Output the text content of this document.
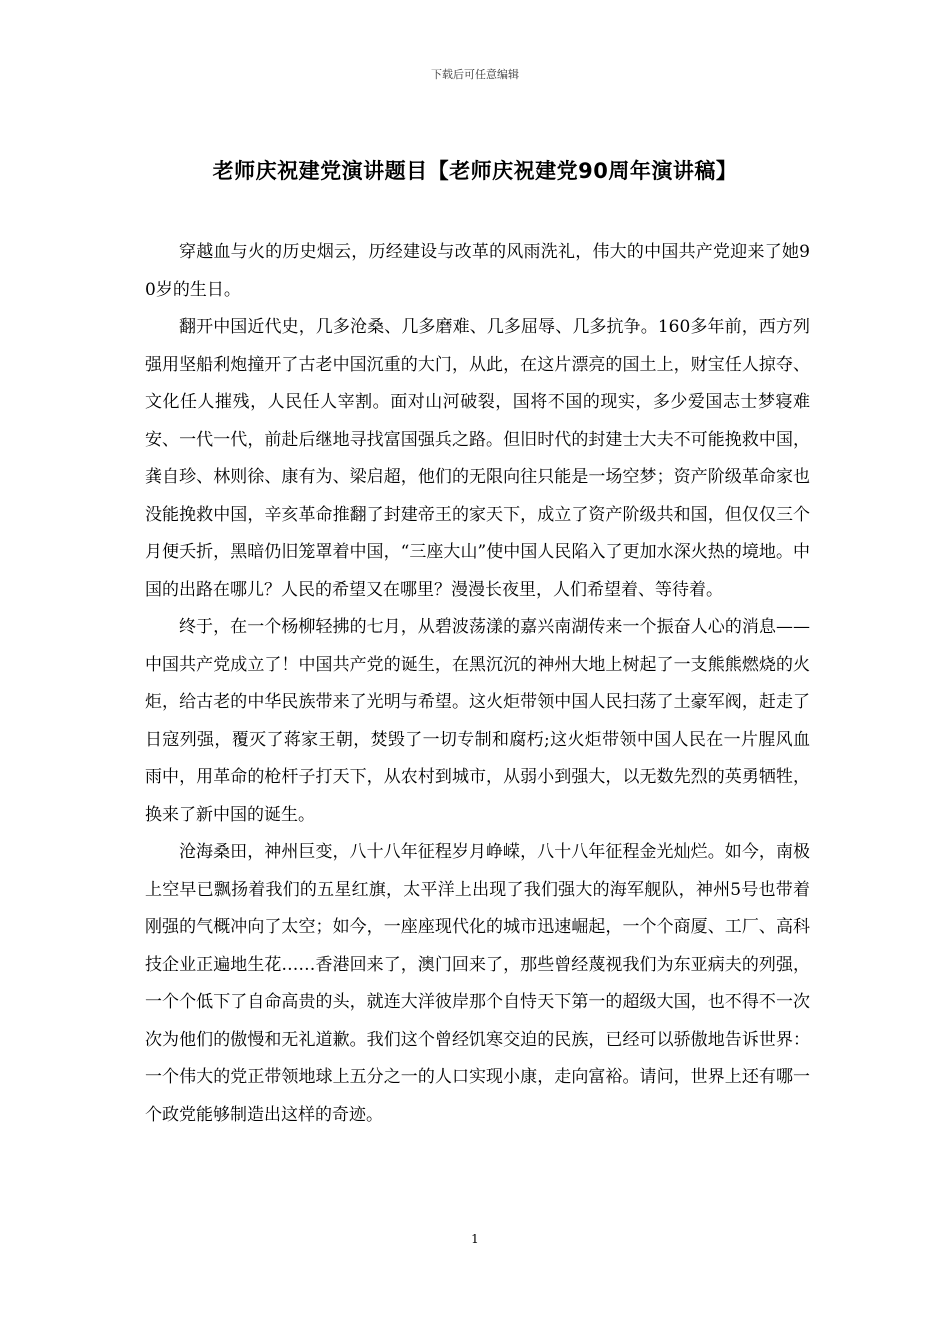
下载后可任意编辑
老师庆祝建党演讲题目【老师庆祝建党90周年演讲稿】

穿越血与火的历史烟云，历经建设与改革的风雨洗礼，伟大的中国共产党迎来了她90岁的生日。

翻开中国近代史，几多沧桑、几多磨难、几多屈辱、几多抗争。160多年前，西方列强用坚船利炮撞开了古老中国沉重的大门，从此，在这片漂亮的国土上，财宝任人掠夺、文化任人摧残，人民任人宰割。面对山河破裂，国将不国的现实，多少爱国志士梦寝难安、一代一代，前赴后继地寻找富国强兵之路。但旧时代的封建士大夫不可能挽救中国，龚自珍、林则徐、康有为、梁启超，他们的无限向往只能是一场空梦；资产阶级革命家也没能挽救中国，辛亥革命推翻了封建帝王的家天下，成立了资产阶级共和国，但仅仅三个月便夭折，黑暗仍旧笼罩着中国，“三座大山”使中国人民陷入了更加水深火热的境地。中国的出路在哪儿？人民的希望又在哪里？漫漫长夜里，人们希望着、等待着。

终于，在一个杨柳轻拂的七月，从碧波荡漾的嘉兴南湖传来一个振奋人心的消息——中国共产党成立了！中国共产党的诞生，在黑沉沉的神州大地上树起了一支熊熊燃烧的火炬，给古老的中华民族带来了光明与希望。这火炬带领中国人民扫荡了土豪军阀，赶走了日寇列强，覆灭了蒋家王朝，焚毁了一切专制和腐朽;这火炬带领中国人民在一片腥风血雨中，用革命的枪杆子打天下，从农村到城市，从弱小到强大，以无数先烈的英勇牺牲，换来了新中国的诞生。

沧海桑田，神州巨变，八十八年征程岁月峥嵘，八十八年征程金光灿烂。如今，南极上空早已飘扬着我们的五星红旗，太平洋上出现了我们强大的海军舰队，神州5号也带着刚强的气概冲向了太空；如今，一座座现代化的城市迅速崛起，一个个商厦、工厂、高科技企业正遍地生花……香港回来了，澳门回来了，那些曾经蔑视我们为东亚病夫的列强，一个个低下了自命高贵的头，就连大洋彼岸那个自恃天下第一的超级大国，也不得不一次次为他们的傲慢和无礼道歉。我们这个曾经饥寒交迫的民族，已经可以骄傲地告诉世界：一个伟大的党正带领地球上五分之一的人口实现小康，走向富裕。请问，世界上还有哪一个政党能够制造出这样的奇迹。

1
